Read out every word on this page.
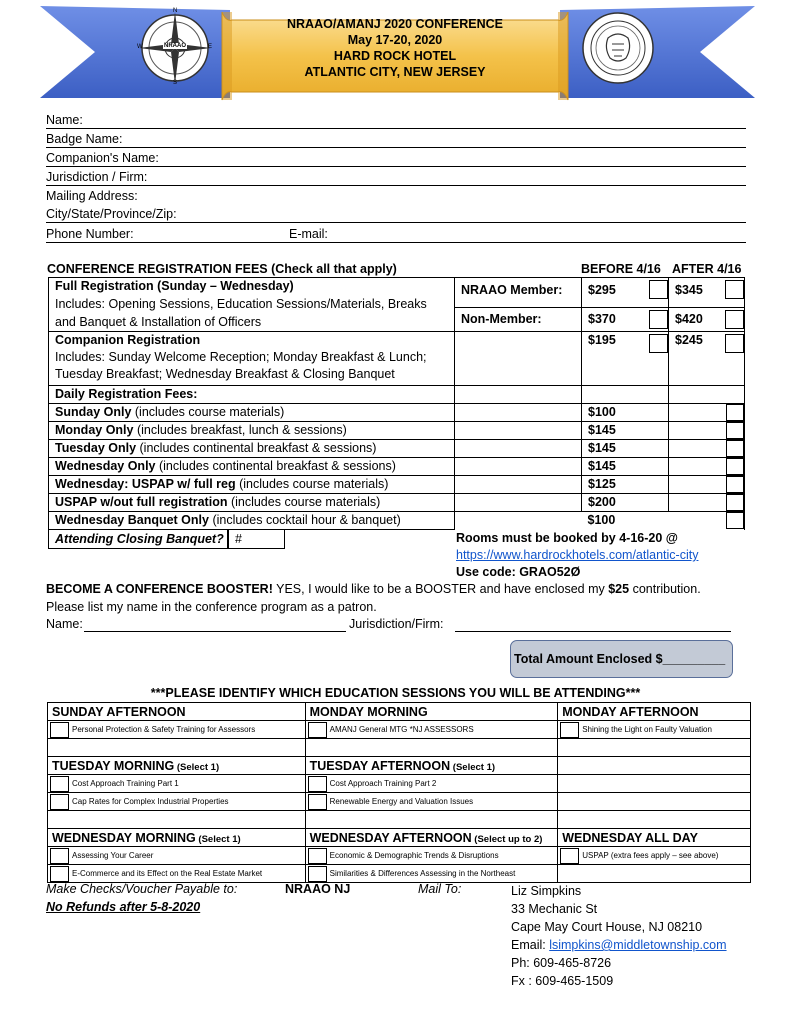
NRAAO
N
S
E
W
NRAAO/AMANJ 2020 CONFERENCE
May 17-20, 2020
HARD ROCK HOTEL
ATLANTIC CITY, NEW JERSEY
Name:
Badge Name:
Companion's Name:
Jurisdiction / Firm:
Mailing Address:
City/State/Province/Zip:
Phone Number:	E-mail:
CONFERENCE REGISTRATION FEES (Check all that apply)	BEFORE 4/16 AFTER 4/16
Full Registration (Sunday – Wednesday)
Includes: Opening Sessions, Education Sessions/Materials, Breaks and Banquet & Installation of Officers	NRAAO Member:	$295	$345

	Non-Member:	$370	$420

Companion Registration
Includes: Sunday Welcome Reception; Monday Breakfast & Lunch; Tuesday Breakfast; Wednesday Breakfast & Closing Banquet		$195	$245

Daily Registration Fees:			
Sunday Only (includes course materials)		$100	

Monday Only (includes breakfast, lunch & sessions)		$145	

Tuesday Only (includes continental breakfast & sessions)		$145	

Wednesday Only (includes continental breakfast & sessions)		$145	

Wednesday: USPAP w/ full reg (includes course materials)		$125	

USPAP w/out full registration (includes course materials)		$200	

Wednesday Banquet Only (includes cocktail hour & banquet)		$100	
Attending Closing Banquet? #	Rooms must be booked by 4-16-20 @
https://www.hardrockhotels.com/atlantic-city
Use code: GRAO52Ø
BECOME A CONFERENCE BOOSTER! YES, I would like to be a BOOSTER and have enclosed my $25 contribution.
Please list my name in the conference program as a patron.
Name:	Jurisdiction/Firm:
Total Amount Enclosed $_________
***PLEASE IDENTIFY WHICH EDUCATION SESSIONS YOU WILL BE ATTENDING***
SUNDAY AFTERNOON	MONDAY MORNING	MONDAY AFTERNOON
Personal Protection & Safety Training for Assessors	AMANJ General MTG *NJ ASSESSORS	Shining the Light on Faulty Valuation

TUESDAY MORNING (Select 1)	TUESDAY AFTERNOON (Select 1)	
Cost Approach Training Part 1	Cost Approach Training Part 2	
Cap Rates for Complex Industrial Properties	Renewable Energy and Valuation Issues	

WEDNESDAY MORNING (Select 1)	WEDNESDAY AFTERNOON (Select up to 2)	WEDNESDAY ALL DAY
Assessing Your Career	Economic & Demographic Trends & Disruptions	USPAP (extra fees apply – see above)
E-Commerce and its Effect on the Real Estate Market	Similarities & Differences Assessing in the Northeast	
Make Checks/Voucher Payable to:	NRAAO NJ	Mail To:
No Refunds after 5-8-2020
Liz Simpkins
33 Mechanic St
Cape May Court House, NJ 08210
Email: lsimpkins@middletownship.com
Ph: 609-465-8726
Fx : 609-465-1509
